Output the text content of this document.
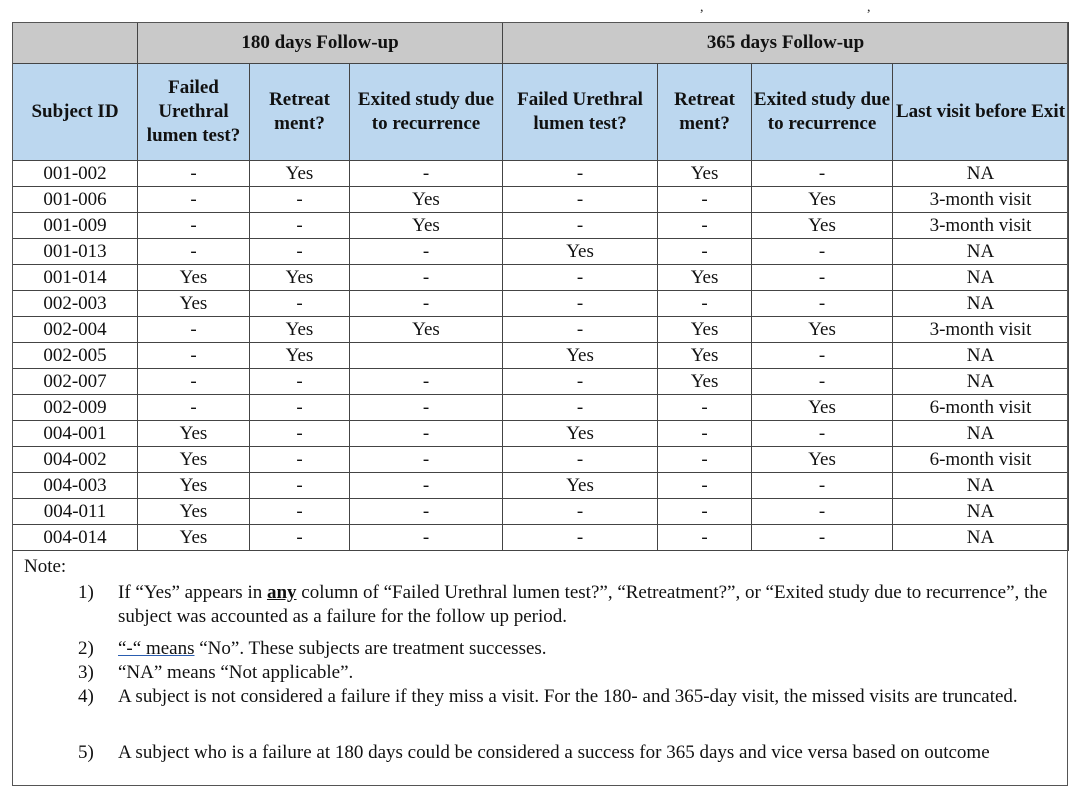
, ,
	180 days Follow-up			365 days Follow-up			
Subject ID	Failed Urethral lumen test?	Retreat ment?	Exited study due to recurrence	Failed Urethral lumen test?	Retreat ment?	Exited study due to recurrence	Last visit before Exit
001-002	-	Yes	-	-	Yes	-	NA
001-006	-	-	Yes	-	-	Yes	3-month visit
001-009	-	-	Yes	-	-	Yes	3-month visit
001-013	-	-	-	Yes	-	-	NA
001-014	Yes	Yes	-	-	Yes	-	NA
002-003	Yes	-	-	-	-	-	NA
002-004	-	Yes	Yes	-	Yes	Yes	3-month visit
002-005	-	Yes		Yes	Yes	-	NA
002-007	-	-	-	-	Yes	-	NA
002-009	-	-	-	-	-	Yes	6-month visit
004-001	Yes	-	-	Yes	-	-	NA
004-002	Yes	-	-	-	-	Yes	6-month visit
004-003	Yes	-	-	Yes	-	-	NA
004-011	Yes	-	-	-	-	-	NA
004-014	Yes	-	-	-	-	-	NA
Note:
1)	If “Yes” appears in any column of “Failed Urethral lumen test?”, “Retreatment?”, or “Exited study due to recurrence”, the subject was accounted as a failure for the follow up period.
2)	“-“ means “No”. These subjects are treatment successes.
3)	“NA” means “Not applicable”.
4)	A subject is not considered a failure if they miss a visit. For the 180- and 365-day visit, the missed visits are truncated.
5)	A subject who is a failure at 180 days could be considered a success for 365 days and vice versa based on outcome
